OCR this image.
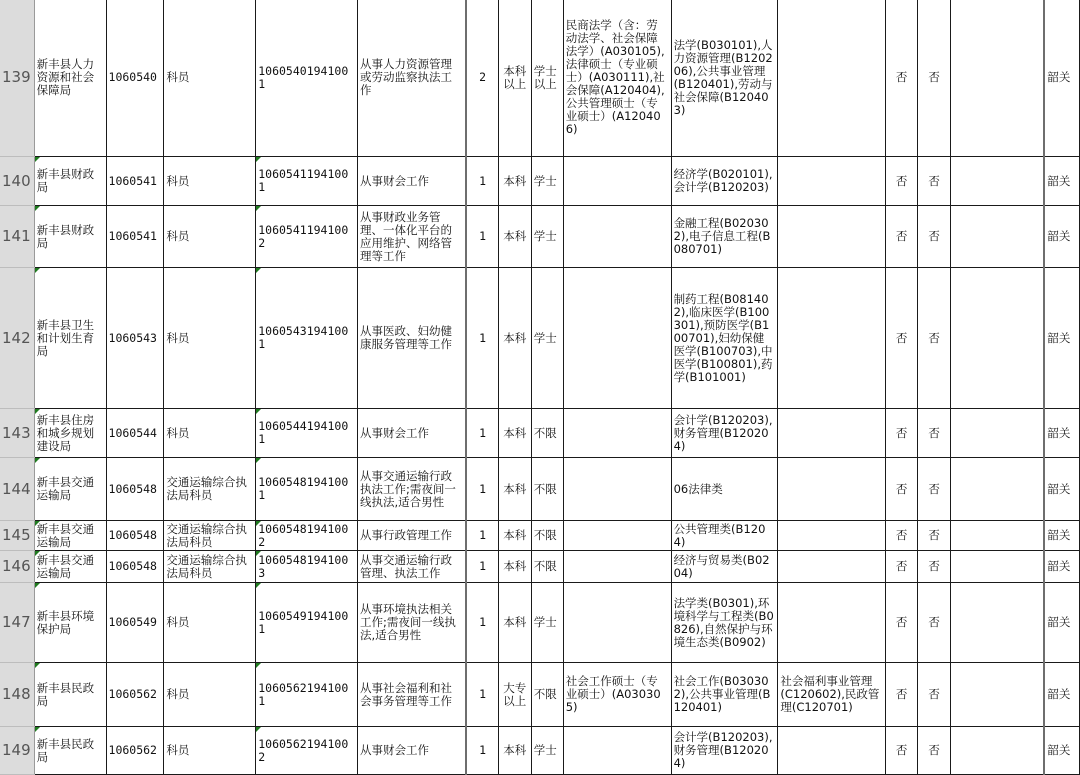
139	新丰县人力资源和社会保障局	1060540	科员	10605401941001	从事人力资源管理或劳动监察执法工作	2	本科以上	学士以上	民商法学（含：劳动法学、社会保障法学）(A030105),法律硕士（专业硕士）(A030111),社会保障(A120404),公共管理硕士（专业硕士）(A120406)	法学(B030101),人力资源管理(B120206),公共事业管理(B120401),劳动与社会保障(B120403)		否	否		韶关
140	新丰县财政局	1060541	科员	10605411941001	从事财会工作	1	本科	学士		经济学(B020101),会计学(B120203)		否	否		韶关
141	新丰县财政局	1060541	科员	10605411941002	从事财政业务管理、一体化平台的应用维护、网络管理等工作	1	本科	学士		金融工程(B020302),电子信息工程(B080701)		否	否		韶关
142	新丰县卫生和计划生育局	1060543	科员	10605431941001	从事医政、妇幼健康服务管理等工作	1	本科	学士		制药工程(B081402),临床医学(B100301),预防医学(B100701),妇幼保健医学(B100703),中医学(B100801),药学(B101001)		否	否		韶关
143	新丰县住房和城乡规划建设局	1060544	科员	10605441941001	从事财会工作	1	本科	不限		会计学(B120203),财务管理(B120204)		否	否		韶关
144	新丰县交通运输局	1060548	交通运输综合执法局科员	10605481941001	从事交通运输行政执法工作;需夜间一线执法,适合男性	1	本科	不限		06法律类		否	否		韶关
145	新丰县交通运输局	1060548	交通运输综合执法局科员	10605481941002	从事行政管理工作	1	本科	不限		公共管理类(B1204)		否	否		韶关
146	新丰县交通运输局	1060548	交通运输综合执法局科员	10605481941003	从事交通运输行政管理、执法工作	1	本科	不限		经济与贸易类(B0204)		否	否		韶关
147	新丰县环境保护局	1060549	科员	10605491941001	从事环境执法相关工作;需夜间一线执法,适合男性	1	本科	学士		法学类(B0301),环境科学与工程类(B0826),自然保护与环境生态类(B0902)		否	否		韶关
148	新丰县民政局	1060562	科员	10605621941001	从事社会福利和社会事务管理等工作	1	大专以上	不限	社会工作硕士（专业硕士）(A030305)	社会工作(B030302),公共事业管理(B120401)	社会福利事业管理(C120602),民政管理(C120701)	否	否		韶关
149	新丰县民政局	1060562	科员	10605621941002	从事财会工作	1	本科	学士		会计学(B120203),财务管理(B120204)		否	否		韶关
